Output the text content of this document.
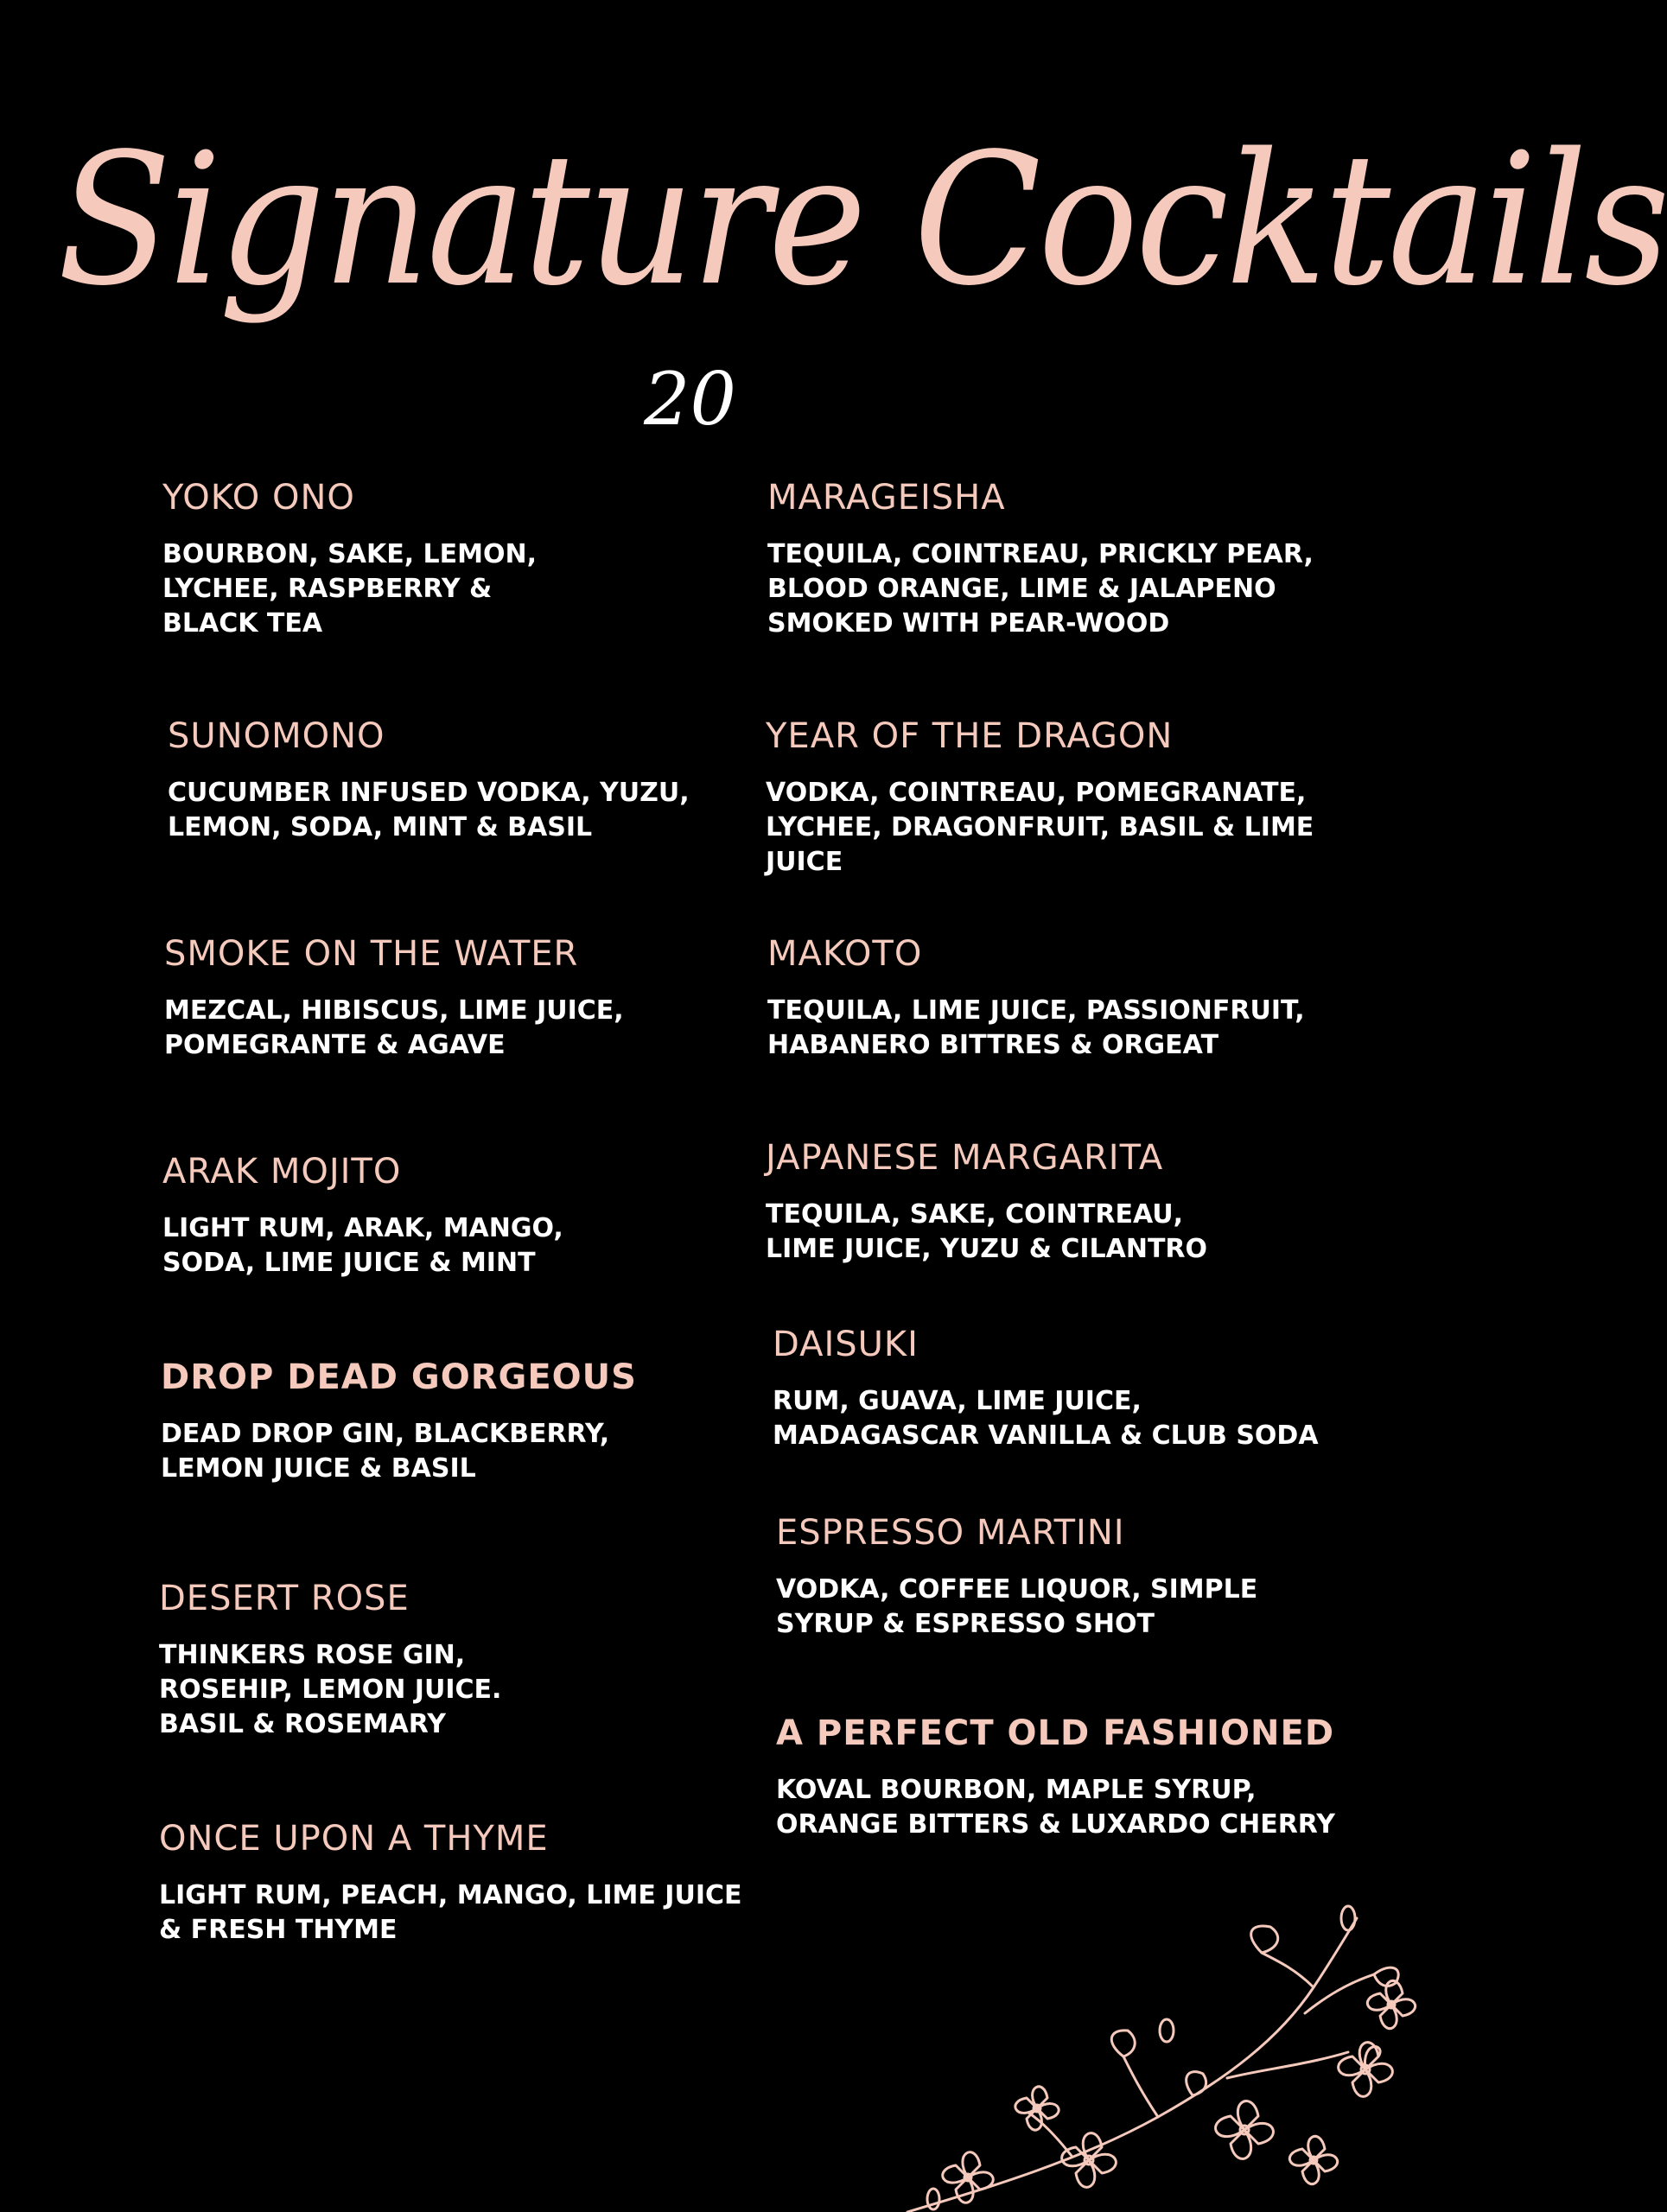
Signature Cocktails
20
YOKO ONO
BOURBON, SAKE, LEMON,
LYCHEE, RASPBERRY &
BLACK TEA
SUNOMONO
CUCUMBER INFUSED VODKA, YUZU,
LEMON, SODA, MINT & BASIL
SMOKE ON THE WATER
MEZCAL, HIBISCUS, LIME JUICE,
POMEGRANTE & AGAVE
ARAK MOJITO
LIGHT RUM, ARAK, MANGO,
SODA, LIME JUICE & MINT
DROP DEAD GORGEOUS
DEAD DROP GIN, BLACKBERRY,
LEMON JUICE & BASIL
DESERT ROSE
THINKERS ROSE GIN,
ROSEHIP, LEMON JUICE.
BASIL & ROSEMARY
ONCE UPON A THYME
LIGHT RUM, PEACH, MANGO, LIME JUICE
& FRESH THYME
MARAGEISHA
TEQUILA, COINTREAU, PRICKLY PEAR,
BLOOD ORANGE, LIME & JALAPENO
SMOKED WITH PEAR-WOOD
YEAR OF THE DRAGON
VODKA, COINTREAU, POMEGRANATE,
LYCHEE, DRAGONFRUIT, BASIL & LIME
JUICE
MAKOTO
TEQUILA, LIME JUICE, PASSIONFRUIT,
HABANERO BITTRES & ORGEAT
JAPANESE MARGARITA
TEQUILA, SAKE, COINTREAU,
LIME JUICE, YUZU & CILANTRO
DAISUKI
RUM, GUAVA, LIME JUICE,
MADAGASCAR VANILLA & CLUB SODA
ESPRESSO MARTINI
VODKA, COFFEE LIQUOR, SIMPLE
SYRUP & ESPRESSO SHOT
A PERFECT OLD FASHIONED
KOVAL BOURBON, MAPLE SYRUP,
ORANGE BITTERS & LUXARDO CHERRY
